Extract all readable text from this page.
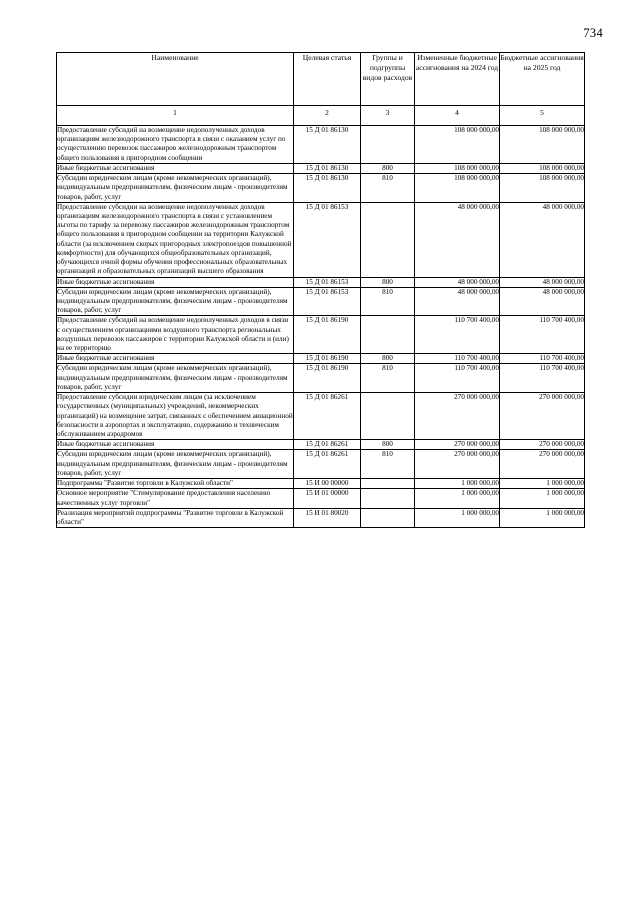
734
Наименование	Целевая статья	Группы и подгруппы видов расходов	Измененные бюджетные ассигнования на 2024 год	Бюджетные ассигнования на 2025 год
1	2	3	4	5
Предоставление субсидий на возмещение недополученных доходов организациям железнодорожного транспорта в связи с оказанием услуг по осуществлению перевозок пассажиров железнодорожным транспортом общего пользования в пригородном сообщении	15 Д 01 86130		108 000 000,00	108 000 000,00
Иные бюджетные ассигнования	15 Д 01 86130	800	108 000 000,00	108 000 000,00
Субсидии юридическим лицам (кроме некоммерческих организаций), индивидуальным предпринимателям, физическим лицам - производителям товаров, работ, услуг	15 Д 01 86130	810	108 000 000,00	108 000 000,00
Предоставление субсидии на возмещение недополученных доходов организациям железнодорожного транспорта в связи с установлением льготы по тарифу за перевозку пассажиров железнодорожным транспортом общего пользования в пригородном сообщении на территории Калужской области (за исключением скорых пригородных электропоездов повышенной комфортности) для обучающихся общеобразовательных организаций, обучающихся очной формы обучения профессиональных образовательных организаций и образовательных организаций высшего образования	15 Д 01 86153		48 000 000,00	48 000 000,00
Иные бюджетные ассигнования	15 Д 01 86153	800	48 000 000,00	48 000 000,00
Субсидии юридическим лицам (кроме некоммерческих организаций), индивидуальным предпринимателям, физическим лицам - производителям товаров, работ, услуг	15 Д 01 86153	810	48 000 000,00	48 000 000,00
Предоставление субсидий на возмещение недополученных доходов в связи с осуществлением организациями воздушного транспорта региональных воздушных перевозок пассажиров с территории Калужской области и (или) на ее территорию	15 Д 01 86190		110 700 400,00	110 700 400,00
Иные бюджетные ассигнования	15 Д 01 86190	800	110 700 400,00	110 700 400,00
Субсидии юридическим лицам (кроме некоммерческих организаций), индивидуальным предпринимателям, физическим лицам - производителям товаров, работ, услуг	15 Д 01 86190	810	110 700 400,00	110 700 400,00
Предоставление субсидии юридическим лицам (за исключением государственных (муниципальных) учреждений, некоммерческих организаций) на возмещение затрат, связанных с обеспечением авиационной безопасности в аэропортах и эксплуатацию, содержанию и техническим обслуживанием аэродромов	15 Д 01 86261		270 000 000,00	270 000 000,00
Иные бюджетные ассигнования	15 Д 01 86261	800	270 000 000,00	270 000 000,00
Субсидии юридическим лицам (кроме некоммерческих организаций), индивидуальным предпринимателям, физическим лицам - производителям товаров, работ, услуг	15 Д 01 86261	810	270 000 000,00	270 000 000,00
Подпрограмма "Развитие торговли в Калужской области"	15 И 00 00000		1 000 000,00	1 000 000,00
Основное мероприятие "Стимулирование предоставления населению качественных услуг торговли"	15 И 01 00000		1 000 000,00	1 000 000,00
Реализация мероприятий подпрограммы "Развитие торговли в Калужской области"	15 И 01 80020		1 000 000,00	1 000 000,00
